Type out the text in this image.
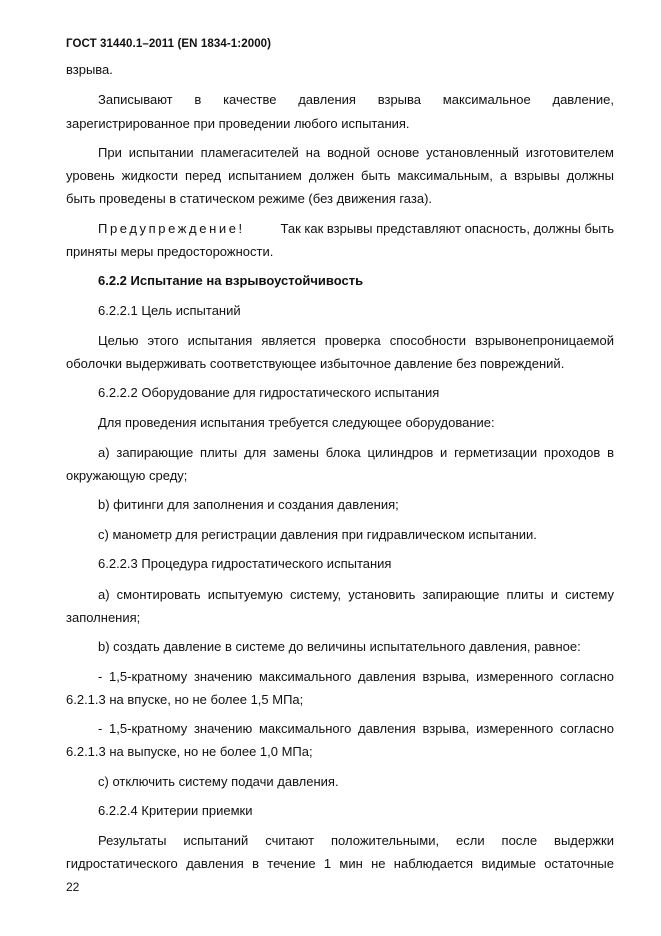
ГОСТ 31440.1–2011 (EN 1834-1:2000)
взрыва.
Записывают в качестве давления взрыва максимальное давление,
зарегистрированное при проведении любого испытания.
При испытании пламегасителей на водной основе установленный изготовителем
уровень жидкости перед испытанием должен быть максимальным, а взрывы должны
быть проведены в статическом режиме (без движения газа).
Предупреждение!	Так как взрывы представляют опасность, должны быть
приняты меры предосторожности.
6.2.2 Испытание на взрывоустойчивость
6.2.2.1 Цель испытаний
Целью этого испытания является проверка способности взрывонепроницаемой
оболочки выдерживать соответствующее избыточное давление без повреждений.
6.2.2.2 Оборудование для гидростатического испытания
Для проведения испытания требуется следующее оборудование:
a) запирающие плиты для замены блока цилиндров и герметизации проходов в
окружающую среду;
b) фитинги для заполнения и создания давления;
c) манометр для регистрации давления при гидравлическом испытании.
6.2.2.3 Процедура гидростатического испытания
a) смонтировать испытуемую систему, установить запирающие плиты и систему
заполнения;
b) создать давление в системе до величины испытательного давления, равное:
- 1,5-кратному значению максимального давления взрыва, измеренного согласно
6.2.1.3 на впуске, но не более 1,5 МПа;
- 1,5-кратному значению максимального давления взрыва, измеренного согласно
6.2.1.3 на выпуске, но не более 1,0 МПа;
c) отключить систему подачи давления.
6.2.2.4 Критерии приемки
Результаты испытаний считают положительными, если после выдержки
гидростатического давления в течение 1 мин не наблюдается видимые остаточные
22
